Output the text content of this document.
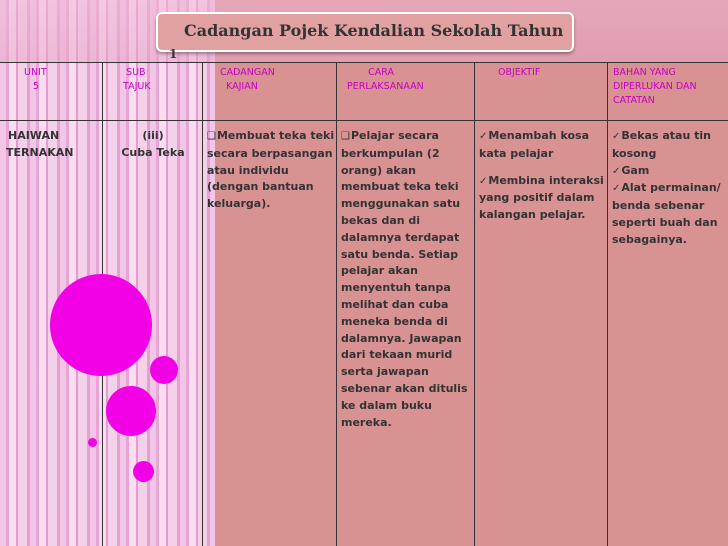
Cadangan Pojek Kendalian Sekolah Tahun
1
UNIT
5
SUB
TAJUK
CADANGAN
KAJIAN
CARA
PERLAKSANAAN
OBJEKTIF	BAHAN YANG
DIPERLUKAN DAN
CATATAN

HAIWAN

TERNAKAN

(iii)

Cuba Teka

❑Membuat teka teki secara berpasangan atau individu (dengan bantuan keluarga).

❑Pelajar secara berkumpulan (2 orang) akan membuat teka teki menggunakan satu bekas dan di dalamnya terdapat satu benda. Setiap pelajar akan menyentuh tanpa melihat dan cuba meneka benda di dalamnya. Jawapan dari tekaan murid serta jawapan sebenar akan ditulis ke dalam buku mereka.

✓Menambah kosa kata pelajar

✓Membina interaksi yang positif dalam kalangan pelajar.

✓Bekas atau tin kosong

✓Gam

✓Alat permainan/ benda sebenar seperti buah dan sebagainya.
